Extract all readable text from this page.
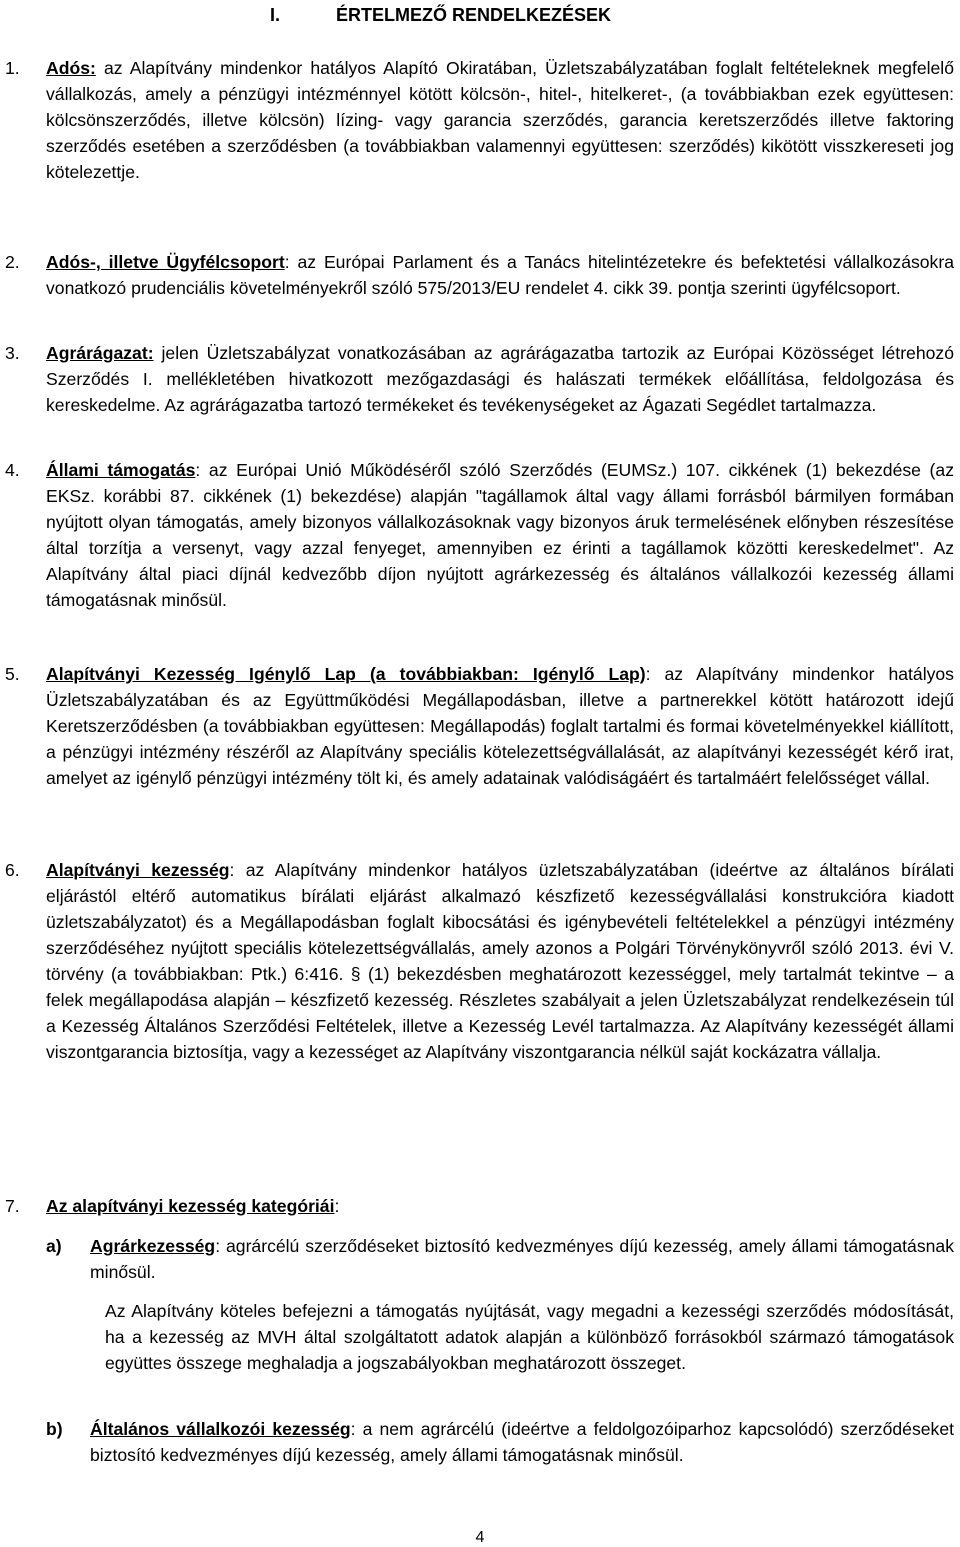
I.	ÉRTELMEZŐ RENDELKEZÉSEK
1. Adós: az Alapítvány mindenkor hatályos Alapító Okiratában, Üzletszabályzatában foglalt feltételeknek megfelelő vállalkozás, amely a pénzügyi intézménnyel kötött kölcsön-, hitel-, hitelkeret-, (a továbbiakban ezek együttesen: kölcsönszerződés, illetve kölcsön) lízing- vagy garancia szerződés, garancia keretszerződés illetve faktoring szerződés esetében a szerződésben (a továbbiakban valamennyi együttesen: szerződés) kikötött visszkereseti jog kötelezettje.
2. Adós-, illetve Ügyfélcsoport: az Európai Parlament és a Tanács hitelintézetekre és befektetési vállalkozásokra vonatkozó prudenciális követelményekről szóló 575/2013/EU rendelet 4. cikk 39. pontja szerinti ügyfélcsoport.
3. Agrárágazat: jelen Üzletszabályzat vonatkozásában az agrárágazatba tartozik az Európai Közösséget létrehozó Szerződés I. mellékletében hivatkozott mezőgazdasági és halászati termékek előállítása, feldolgozása és kereskedelme. Az agrárágazatba tartozó termékeket és tevékenységeket az Ágazati Segédlet tartalmazza.
4. Állami támogatás: az Európai Unió Működéséről szóló Szerződés (EUMSz.) 107. cikkének (1) bekezdése (az EKSz. korábbi 87. cikkének (1) bekezdése) alapján "tagállamok által vagy állami forrásból bármilyen formában nyújtott olyan támogatás, amely bizonyos vállalkozásoknak vagy bizonyos áruk termelésének előnyben részesítése által torzítja a versenyt, vagy azzal fenyeget, amennyiben ez érinti a tagállamok közötti kereskedelmet". Az Alapítvány által piaci díjnál kedvezőbb díjon nyújtott agrárkezesség és általános vállalkozói kezesség állami támogatásnak minősül.
5. Alapítványi Kezesség Igénylő Lap (a továbbiakban: Igénylő Lap): az Alapítvány mindenkor hatályos Üzletszabályzatában és az Együttműködési Megállapodásban, illetve a partnerekkel kötött határozott idejű Keretszerződésben (a továbbiakban együttesen: Megállapodás) foglalt tartalmi és formai követelményekkel kiállított, a pénzügyi intézmény részéről az Alapítvány speciális kötelezettségvállalását, az alapítványi kezességét kérő irat, amelyet az igénylő pénzügyi intézmény tölt ki, és amely adatainak valódiságáért és tartalmáért felelősséget vállal.
6. Alapítványi kezesség: az Alapítvány mindenkor hatályos üzletszabályzatában (ideértve az általános bírálati eljárástól eltérő automatikus bírálati eljárást alkalmazó készfizető kezességvállalási konstrukcióra kiadott üzletszabályzatot) és a Megállapodásban foglalt kibocsátási és igénybevételi feltételekkel a pénzügyi intézmény szerződéséhez nyújtott speciális kötelezettségvállalás, amely azonos a Polgári Törvénykönyvről szóló 2013. évi V. törvény (a továbbiakban: Ptk.) 6:416. § (1) bekezdésben meghatározott kezességgel, mely tartalmát tekintve – a felek megállapodása alapján – készfizető kezesség. Részletes szabályait a jelen Üzletszabályzat rendelkezésein túl a Kezesség Általános Szerződési Feltételek, illetve a Kezesség Levél tartalmazza. Az Alapítvány kezességét állami viszontgarancia biztosítja, vagy a kezességet az Alapítvány viszontgarancia nélkül saját kockázatra vállalja.
7. Az alapítványi kezesség kategóriái:
a) Agrárkezesség: agrárcélú szerződéseket biztosító kedvezményes díjú kezesség, amely állami támogatásnak minősül.
Az Alapítvány köteles befejezni a támogatás nyújtását, vagy megadni a kezességi szerződés módosítását, ha a kezesség az MVH által szolgáltatott adatok alapján a különböző forrásokból származó támogatások együttes összege meghaladja a jogszabályokban meghatározott összeget.
b) Általános vállalkozói kezesség: a nem agrárcélú (ideértve a feldolgozóiparhoz kapcsolódó) szerződéseket biztosító kedvezményes díjú kezesség, amely állami támogatásnak minősül.
4
